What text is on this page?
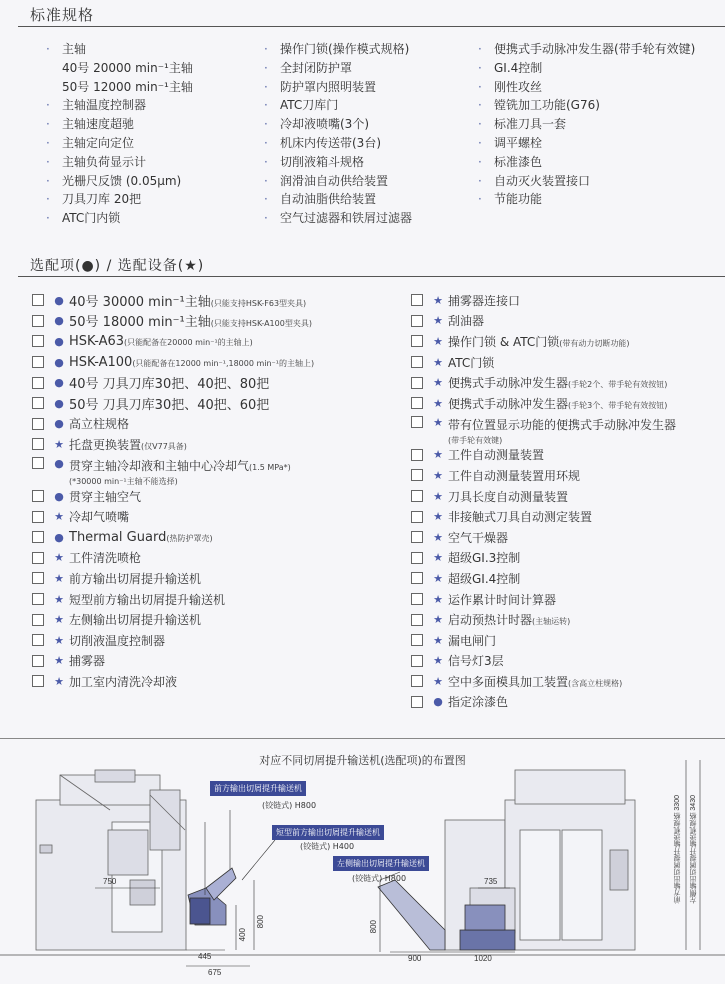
标准规格
·	主轴
40号 20000 min⁻¹主轴
50号 12000 min⁻¹主轴
·	主轴温度控制器
·	主轴速度超驰
·	主轴定向定位
·	主轴负荷显示计
·	光栅尺反馈 (0.05μm)
·	刀具刀库 20把
·	ATC门内锁
·	操作门锁(操作模式规格)
·	全封闭防护罩
·	防护罩内照明装置
·	ATC刀库门
·	冷却液喷嘴(3个)
·	机床内传送带(3台)
·	切削液箱斗规格
·	润滑油自动供给装置
·	自动油脂供给装置
·	空气过滤器和铁屑过滤器
·	便携式手动脉冲发生器(带手轮有效键)
·	GI.4控制
·	刚性攻丝
·	镗铣加工功能(G76)
·	标准刀具一套
·	调平螺栓
·	标准漆色
·	自动灭火装置接口
·	节能功能
选配项(●) / 选配设备(★)
● 40号 30000 min⁻¹主轴(只能支持HSK-F63型夹具)
● 50号 18000 min⁻¹主轴(只能支持HSK-A100型夹具)
● HSK-A63(只能配备在20000 min⁻¹的主轴上)
● HSK-A100(只能配备在12000 min⁻¹,18000 min⁻¹的主轴上)
● 40号 刀具刀库30把、40把、80把
● 50号 刀具刀库30把、40把、60把
● 高立柱规格
★ 托盘更换装置(仅V77具备)
● 贯穿主轴冷却液和主轴中心冷却气(1.5 MPa*)
(*30000 min⁻¹主轴不能选择)
● 贯穿主轴空气
★ 冷却气喷嘴
● Thermal Guard(热防护罩壳)
★ 工件清洗喷枪
★ 前方输出切屑提升输送机
★ 短型前方输出切屑提升输送机
★ 左侧输出切屑提升输送机
★ 切削液温度控制器
★ 捕雾器
★ 加工室内清洗冷却液
★ 捕雾器连接口
★ 刮油器
★ 操作门锁 & ATC门锁(带有动力切断功能)
★ ATC门锁
★ 便携式手动脉冲发生器(手轮2个、带手轮有效按钮)
★ 便携式手动脉冲发生器(手轮3个、带手轮有效按钮)
★ 带有位置显示功能的便携式手动脉冲发生器
(带手轮有效键)
★ 工件自动测量装置
★ 工件自动测量装置用环规
★ 刀具长度自动测量装置
★ 非接触式刀具自动测定装置
★ 空气干燥器
★ 超级GI.3控制
★ 超级GI.4控制
★ 运作累计时间计算器
★ 启动预热计时器(主轴运转)
★ 漏电闸门
★ 信号灯3层
★ 空中多面模具加工装置(含高立柱规格)
● 指定涂漆色
对应不同切屑提升输送机(选配项)的布置图
前方输出切屑提升输送机
(铰链式) H800
短型前方输出切屑提升输送机
(铰链式) H400
左侧输出切屑提升输送机
(铰链式) H800
750
445
675
400
800	800
735
900	1020
前方输出切屑提升输送机规格 3300 左侧输出切屑提升输送机规格 3430
